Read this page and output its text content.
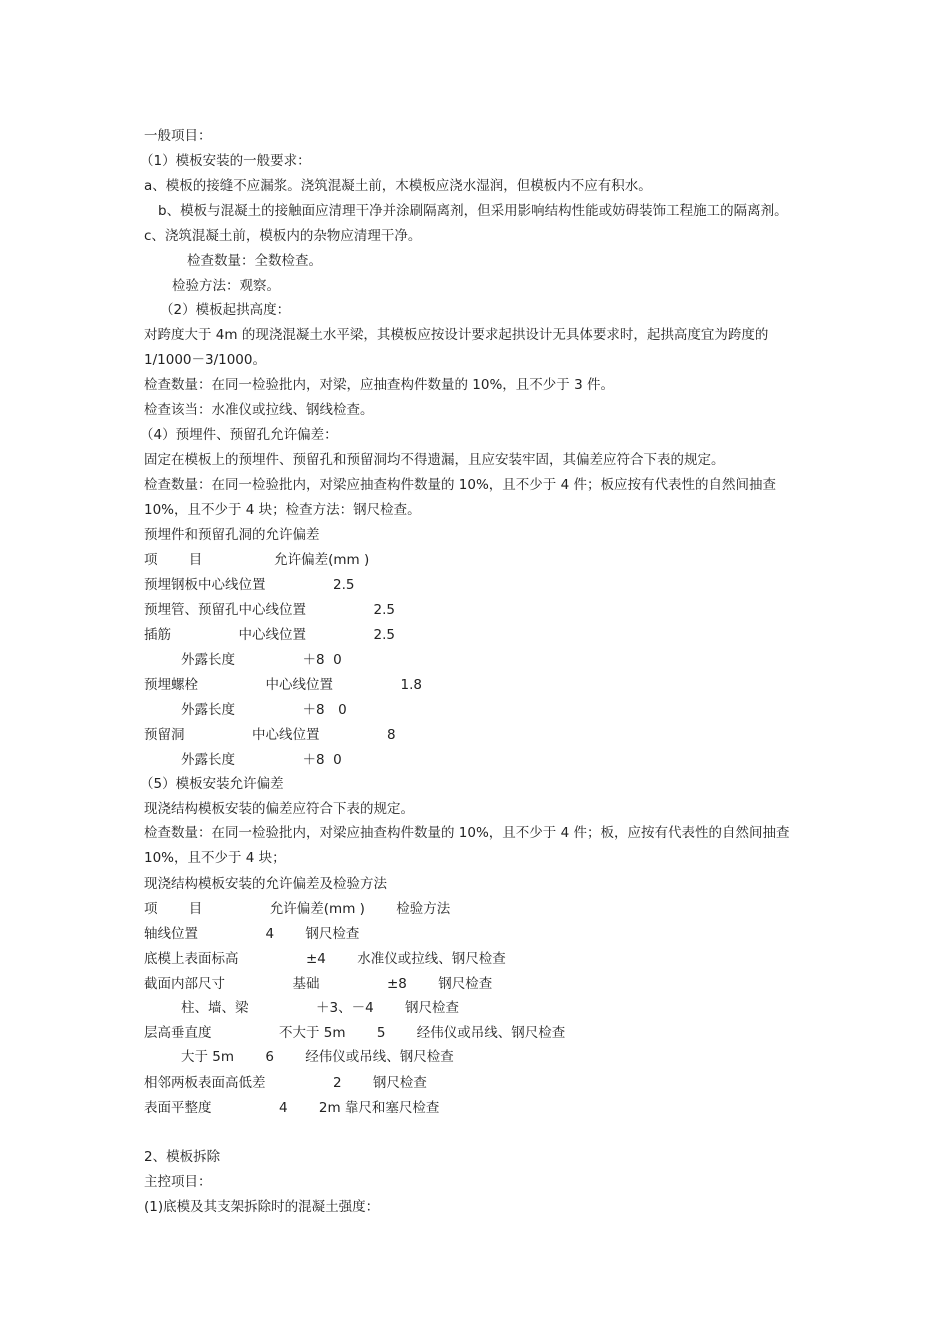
一般项目：
（1）模板安装的一般要求：
a、模板的接缝不应漏浆。浇筑混凝土前，木模板应浇水湿润，但模板内不应有积水。
b、模板与混凝土的接触面应清理干净并涂刷隔离剂，但采用影响结构性能或妨碍装饰工程施工的隔离剂。
c、浇筑混凝土前，模板内的杂物应清理干净。
检查数量：全数检查。
检验方法：观察。
（2）模板起拱高度：
对跨度大于 4m 的现浇混凝土水平梁，其模板应按设计要求起拱设计无具体要求时，起拱高度宜为跨度的
1/1000－3/1000。
检查数量：在同一检验批内，对梁，应抽查构件数量的 10%，且不少于 3 件。
检查该当：水准仪或拉线、钢线检查。
（4）预埋件、预留孔允许偏差：
固定在模板上的预埋件、预留孔和预留洞均不得遗漏，且应安装牢固，其偏差应符合下表的规定。
检查数量：在同一检验批内，对梁应抽查构件数量的 10%，且不少于 4 件；板应按有代表性的自然间抽查
10%，且不少于 4 块；检查方法：钢尺检查。
预埋件和预留孔洞的允许偏差
项　　 目　　　　　 允许偏差(mm )
预埋钢板中心线位置　　　　　2.5
预埋管、预留孔中心线位置　　　　　2.5
插筋　　　　　中心线位置　　　　　2.5
外露长度　　　　　＋8  0
预埋螺栓　　　　　中心线位置　　　　　1.8
外露长度　　　　　＋8　0
预留洞　　　　　中心线位置　　　　　8
外露长度　　　　　＋8  0
（5）模板安装允许偏差
现浇结构模板安装的偏差应符合下表的规定。
检查数量：在同一检验批内，对梁应抽查构件数量的 10%，且不少于 4 件；板，应按有代表性的自然间抽查
10%，且不少于 4 块；
现浇结构模板安装的允许偏差及检验方法
项　　 目　　　　　允许偏差(mm )　　 检验方法
轴线位置　　　　　4　　 钢尺检查
底模上表面标高　　　　　±4　　 水准仪或拉线、钢尺检查
截面内部尺寸　　　　　基础　　　　　±8　　 钢尺检查
柱、墙、梁　　　　　＋3、－4　　 钢尺检查
层高垂直度　　　　　不大于 5m　　 5　　 经伟仪或吊线、钢尺检查
大于 5m　　 6　　 经伟仪或吊线、钢尺检查
相邻两板表面高低差　　　　　2　　 钢尺检查
表面平整度　　　　　4　　 2m 靠尺和塞尺检查
2、模板拆除
主控项目：
(1)底模及其支架拆除时的混凝土强度：
